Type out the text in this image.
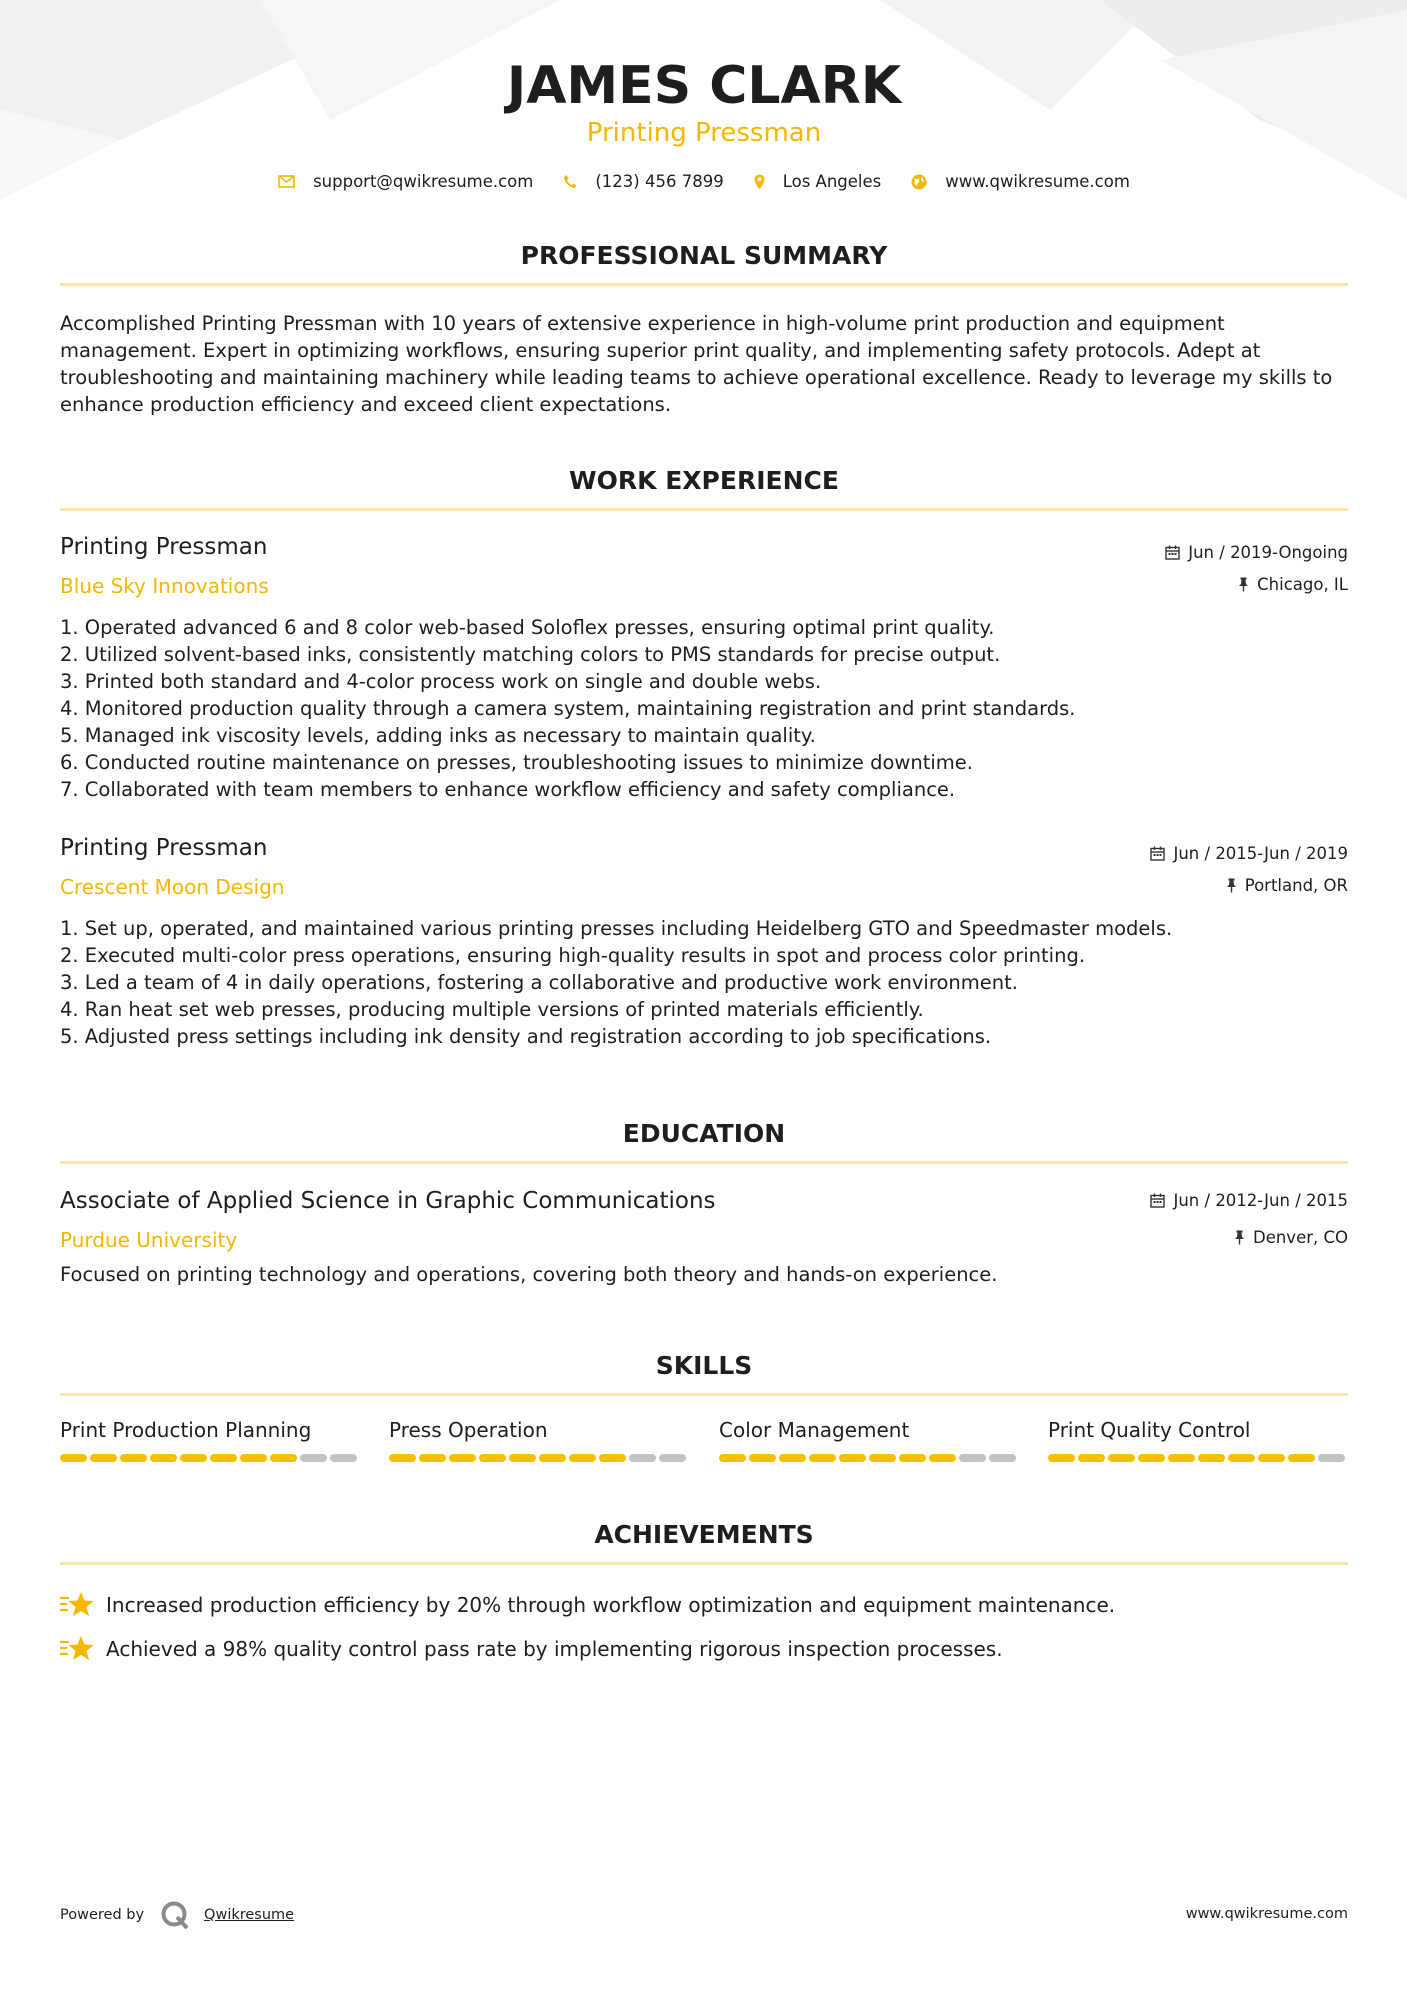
JAMES CLARK
Printing Pressman
support@qwikresume.com	(123) 456 7899	Los Angeles	www.qwikresume.com
PROFESSIONAL SUMMARY
Accomplished Printing Pressman with 10 years of extensive experience in high-volume print production and equipment management. Expert in optimizing workflows, ensuring superior print quality, and implementing safety protocols. Adept at troubleshooting and maintaining machinery while leading teams to achieve operational excellence. Ready to leverage my skills to enhance production efficiency and exceed client expectations.
WORK EXPERIENCE
Printing Pressman	Jun / 2019-Ongoing
Blue Sky Innovations	Chicago, IL
1. Operated advanced 6 and 8 color web-based Soloflex presses, ensuring optimal print quality.
2. Utilized solvent-based inks, consistently matching colors to PMS standards for precise output.
3. Printed both standard and 4-color process work on single and double webs.
4. Monitored production quality through a camera system, maintaining registration and print standards.
5. Managed ink viscosity levels, adding inks as necessary to maintain quality.
6. Conducted routine maintenance on presses, troubleshooting issues to minimize downtime.
7. Collaborated with team members to enhance workflow efficiency and safety compliance.
Printing Pressman	Jun / 2015-Jun / 2019
Crescent Moon Design	Portland, OR
1. Set up, operated, and maintained various printing presses including Heidelberg GTO and Speedmaster models.
2. Executed multi-color press operations, ensuring high-quality results in spot and process color printing.
3. Led a team of 4 in daily operations, fostering a collaborative and productive work environment.
4. Ran heat set web presses, producing multiple versions of printed materials efficiently.
5. Adjusted press settings including ink density and registration according to job specifications.
EDUCATION
Associate of Applied Science in Graphic Communications	Jun / 2012-Jun / 2015
Purdue University	Denver, CO
Focused on printing technology and operations, covering both theory and hands-on experience.
SKILLS
Print Production Planning	Press Operation	Color Management	Print Quality Control
ACHIEVEMENTS
Increased production efficiency by 20% through workflow optimization and equipment maintenance.
Achieved a 98% quality control pass rate by implementing rigorous inspection processes.
Powered by	Qwikresume	www.qwikresume.com
